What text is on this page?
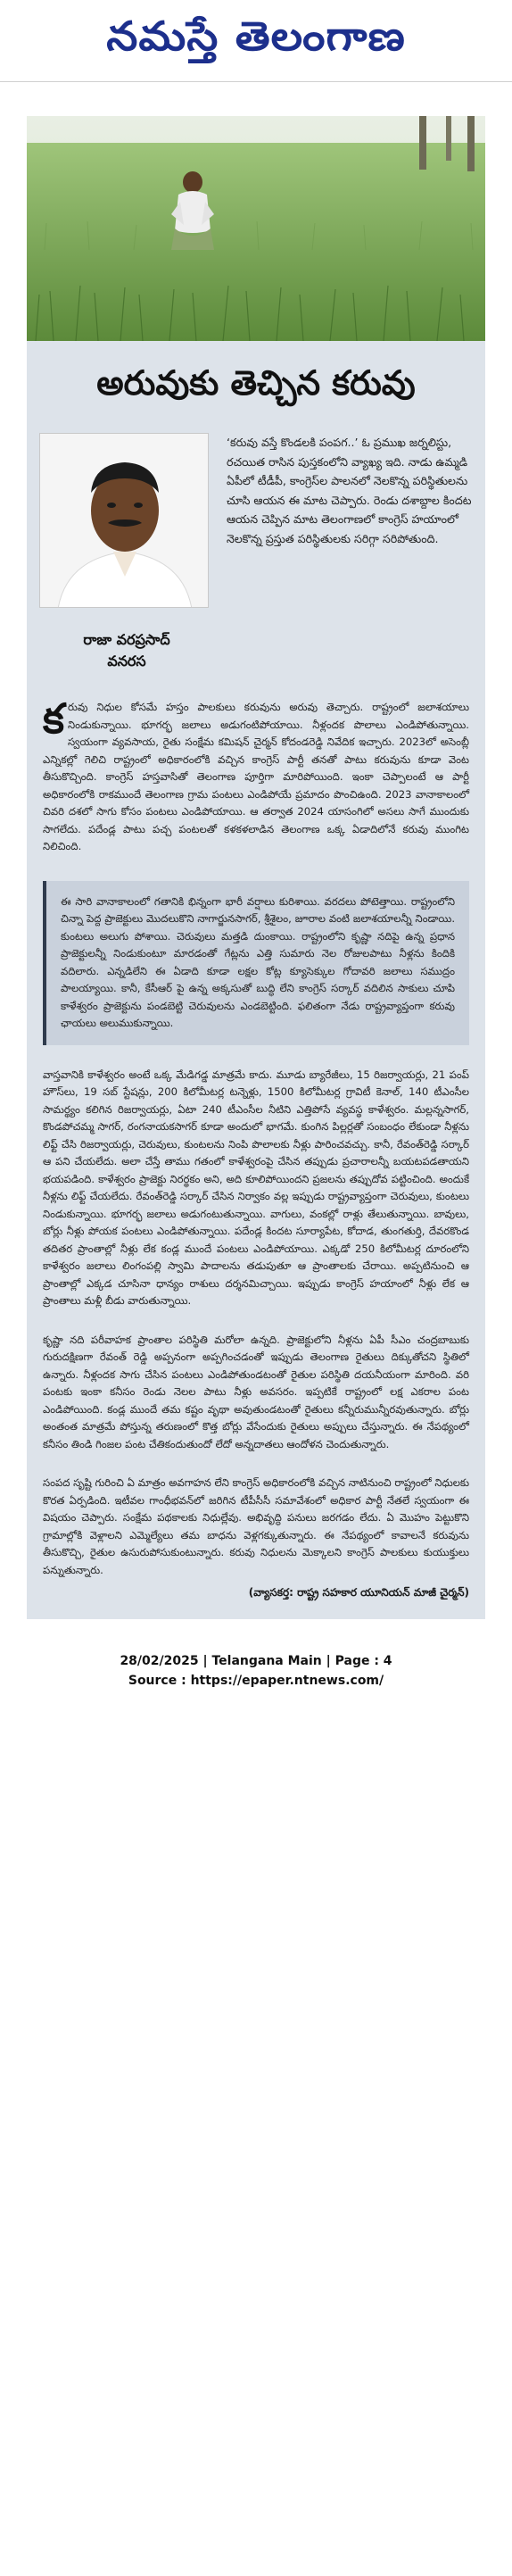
నమస్తే తెలంగాణ
అరువుకు తెచ్చిన కరువు
రాజా వరప్రసాద్
వనరస

‘కరువు వస్తే కొండలకి పంపగ..’ ఓ ప్రముఖ జర్నలిస్టు, రచయిత రాసిన పుస్తకంలోని వ్యాఖ్య ఇది. నాడు ఉమ్మడి ఏపీలో టీడీపీ, కాంగ్రెస్‌ల పాలనలో నెలకొన్న పరిస్థితులను చూసి ఆయన ఈ మాట చెప్పారు. రెండు దశాబ్దాల కిందట ఆయన చెప్పిన మాట తెలంగాణలో కాంగ్రెస్ హయాంలో నెలకొన్న ప్రస్తుత పరిస్థితులకు సరిగ్గా సరిపోతుంది.

కరువు నిధుల కోసమే హస్తం పాలకులు కరువును అరువు తెచ్చారు. రాష్ట్రంలో జలాశయాలు నిండుకున్నాయి. భూగర్భ జలాలు అడుగంటిపోయాయి. నీళ్లందక పొలాలు ఎండిపోతున్నాయి. స్వయంగా వ్యవసాయ, రైతు సంక్షేమ కమిషన్ చైర్మన్ కోదండరెడ్డి నివేదిక ఇచ్చారు. 2023లో అసెంబ్లీ ఎన్నికల్లో గెలిచి రాష్ట్రంలో అధికారంలోకి వచ్చిన కాంగ్రెస్ పార్టీ తనతో పాటు కరువును కూడా వెంట తీసుకొచ్చింది. కాంగ్రెస్ హస్తవాసితో తెలంగాణ పూర్తిగా మారిపోయింది. ఇంకా చెప్పాలంటే ఆ పార్టీ అధికారంలోకి రాకముందే తెలంగాణ గ్రామ పంటలు ఎండిపోయే ప్రమాదం పొంచిఉంది. 2023 వానాకాలంలో చివరి దశలో సాగు కోసం పంటలు ఎండిపోయాయి. ఆ తర్వాత 2024 యాసంగిలో అసలు సాగే ముందుకు సాగలేదు. పదేండ్ల పాటు పచ్చ పంటలతో కళకళలాడిన తెలంగాణ ఒక్క ఏడాదిలోనే కరువు ముంగిట నిలిచింది.

ఈ సారి వానాకాలంలో గతానికి భిన్నంగా భారీ వర్షాలు కురిశాయి. వరదలు పోటెత్తాయి. రాష్ట్రంలోని చిన్నా పెద్ద ప్రాజెక్టులు మొదలుకొని నాగార్జునసాగర్, శ్రీశైలం, జూరాల వంటి జలాశయాలన్నీ నిండాయి. కుంటలు అలుగు పోశాయి. చెరువులు మత్తడి దుంకాయి. రాష్ట్రంలోని కృష్ణా నదిపై ఉన్న ప్రధాన ప్రాజెక్టులన్నీ నిండుకుంటూ మారడంతో గేట్లను ఎత్తి సుమారు నెల రోజులపాటు నీళ్లను కిందికి వదిలారు. ఎన్నడిలేని ఈ ఏడాది కూడా లక్షల కోట్ల క్యూసెక్కుల గోదావరి జలాలు సముద్రం పాలయ్యాయి. కానీ, కేసీఆర్ పై ఉన్న అక్కసుతో బుద్ధి లేని కాంగ్రెస్ సర్కార్ వదిలిన సాకులు చూపి కాళేశ్వరం ప్రాజెక్టును పండబెట్టి చెరువులను ఎండబెట్టింది. ఫలితంగా నేడు రాష్ట్రవ్యాప్తంగా కరువు ఛాయలు అలుముకున్నాయి.

వాస్తవానికి కాళేశ్వరం అంటే ఒక్క మేడిగడ్డ మాత్రమే కాదు. మూడు బ్యారేజీలు, 15 రిజర్వాయర్లు, 21 పంప్ హౌస్‌లు, 19 సబ్ స్టేషన్లు, 200 కిలోమీటర్ల టన్నెళ్లు, 1500 కిలోమీటర్ల గ్రావిటీ కెనాల్, 140 టీఎంసీల సామర్థ్యం కలిగిన రిజర్వాయర్లు, ఏటా 240 టీఎంసీల నీటిని ఎత్తిపోసే వ్యవస్థ కాళేశ్వరం. మల్లన్నసాగర్, కొండపోచమ్మ సాగర్, రంగనాయకసాగర్ కూడా అందులో భాగమే. కుంగిన పిల్లర్లతో సంబంధం లేకుండా నీళ్లను లిఫ్ట్ చేసి రిజర్వాయర్లు, చెరువులు, కుంటలను నింపి పొలాలకు నీళ్లు పారించవచ్చు. కానీ, రేవంత్‌రెడ్డి సర్కార్ ఆ పని చేయలేదు. అలా చేస్తే తాము గతంలో కాళేశ్వరంపై చేసిన తప్పుడు ప్రచారాలన్నీ బయటపడతాయని భయపడింది. కాళేశ్వరం ప్రాజెక్టు నిరర్థకం అని, అది కూలిపోయిందని ప్రజలను తప్పుదోవ పట్టించింది. అందుకే నీళ్లను లిఫ్ట్ చేయలేదు. రేవంత్‌రెడ్డి సర్కార్ చేసిన నిర్వాకం వల్ల ఇప్పుడు రాష్ట్రవ్యాప్తంగా చెరువులు, కుంటలు నిండుకున్నాయి. భూగర్భ జలాలు అడుగంటుతున్నాయి. వాగులు, వంకల్లో రాళ్లు తేలుతున్నాయి. బావులు, బోర్లు నీళ్లు పోయక పంటలు ఎండిపోతున్నాయి. పదేండ్ల కిందట సూర్యాపేట, కోదాడ, తుంగతుర్తి, దేవరకొండ తదితర ప్రాంతాల్లో నీళ్లు లేక కండ్ల ముందే పంటలు ఎండిపోయాయి. ఎక్కడో 250 కిలోమీటర్ల దూరంలోని కాళేశ్వరం జలాలు లింగంపల్లి స్వామి పాదాలను తడుపుతూ ఆ ప్రాంతాలకు చేరాయి. అప్పటినుంచి ఆ ప్రాంతాల్లో ఎక్కడ చూసినా ధాన్యం రాశులు దర్శనమిచ్చాయి. ఇప్పుడు కాంగ్రెస్ హయాంలో నీళ్లు లేక ఆ ప్రాంతాలు మళ్లీ బీడు వారుతున్నాయి.

కృష్ణా నది పరీవాహక ప్రాంతాల పరిస్థితి మరోలా ఉన్నది. ప్రాజెక్టులోని నీళ్లను ఏపీ సీఎం చంద్రబాబుకు గురుదక్షిణగా రేవంత్ రెడ్డి అప్పనంగా అప్పగించడంతో ఇప్పుడు తెలంగాణ రైతులు దిక్కుతోచని స్థితిలో ఉన్నారు. నీళ్లందక సాగు చేసిన పంటలు ఎండిపోతుండటంతో రైతుల పరిస్థితి దయనీయంగా మారింది. వరి పంటకు ఇంకా కనీసం రెండు నెలల పాటు నీళ్లు అవసరం. ఇప్పటికే రాష్ట్రంలో లక్ష ఎకరాల పంట ఎండిపోయింది. కండ్ల ముందే తమ కష్టం వృథా అవుతుండటంతో రైతులు కన్నీరుమున్నీరవుతున్నారు. బోర్లు అంతంత మాత్రమే పోస్తున్న తరుణంలో కొత్త బోర్లు వేసేందుకు రైతులు అప్పులు చేస్తున్నారు. ఈ నేపథ్యంలో కనీసం తిండి గింజల పంట చేతికందుతుందో లేదో అన్నదాతలు ఆందోళన చెందుతున్నారు.

సంపద సృష్టి గురించి ఏ మాత్రం అవగాహన లేని కాంగ్రెస్ అధికారంలోకి వచ్చిన నాటినుంచి రాష్ట్రంలో నిధులకు కొరత ఏర్పడింది. ఇటీవల గాంధీభవన్‌లో జరిగిన టీపీసీసీ సమావేశంలో అధికార పార్టీ నేతలే స్వయంగా ఈ విషయం చెప్పారు. సంక్షేమ పథకాలకు నిధుల్లేవు. అభివృద్ధి పనులు జరగడం లేదు. ఏ మొహం పెట్టుకొని గ్రామాల్లోకి వెళ్లాలని ఎమ్మెల్యేలు తమ బాధను వెళ్లగక్కుతున్నారు. ఈ నేపథ్యంలో కావాలనే కరువును తీసుకొచ్చి, రైతుల ఉసురుపోసుకుంటున్నారు. కరువు నిధులను మెక్కాలని కాంగ్రెస్ పాలకులు కుయుక్తులు పన్నుతున్నారు.

(వ్యాసకర్త: రాష్ట్ర సహకార యూనియన్ మాజీ చైర్మన్)
28/02/2025 | Telangana Main | Page : 4
Source : https://epaper.ntnews.com/
